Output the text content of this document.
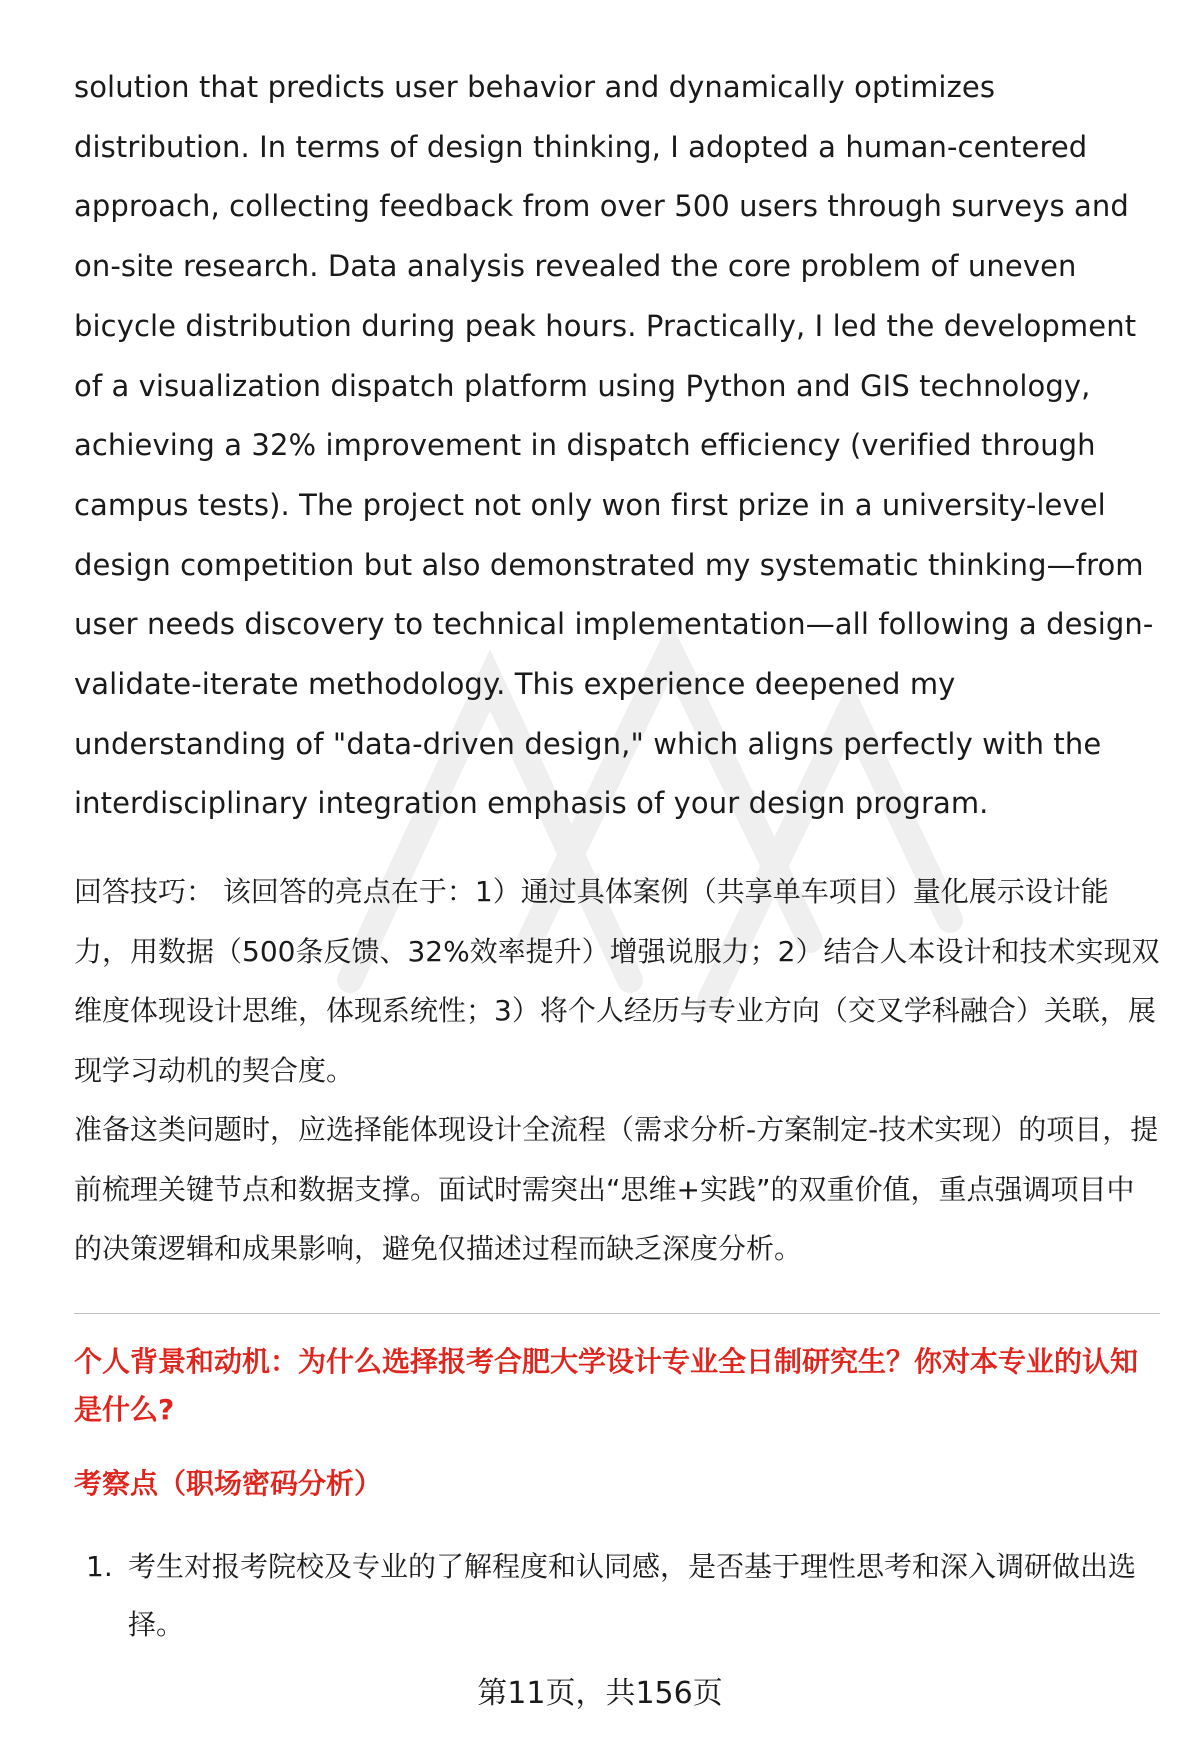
solution that predicts user behavior and dynamically optimizes distribution. In terms of design thinking, I adopted a human-centered approach, collecting feedback from over 500 users through surveys and on-site research. Data analysis revealed the core problem of uneven bicycle distribution during peak hours. Practically, I led the development of a visualization dispatch platform using Python and GIS technology, achieving a 32% improvement in dispatch efficiency (verified through campus tests). The project not only won first prize in a university-level design competition but also demonstrated my systematic thinking—from user needs discovery to technical implementation—all following a design-validate-iterate methodology. This experience deepened my understanding of "data-driven design," which aligns perfectly with the interdisciplinary integration emphasis of your design program.

回答技巧： 该回答的亮点在于：1）通过具体案例（共享单车项目）量化展示设计能力，用数据（500条反馈、32%效率提升）增强说服力；2）结合人本设计和技术实现双维度体现设计思维，体现系统性；3）将个人经历与专业方向（交叉学科融合）关联，展现学习动机的契合度。

准备这类问题时，应选择能体现设计全流程（需求分析-方案制定-技术实现）的项目，提前梳理关键节点和数据支撑。面试时需突出“思维+实践”的双重价值，重点强调项目中的决策逻辑和成果影响，避免仅描述过程而缺乏深度分析。

个人背景和动机：为什么选择报考合肥大学设计专业全日制研究生？你对本专业的认知是什么?
考察点（职场密码分析）
1. 考生对报考院校及专业的了解程度和认同感，是否基于理性思考和深入调研做出选择。
第11页，共156页
